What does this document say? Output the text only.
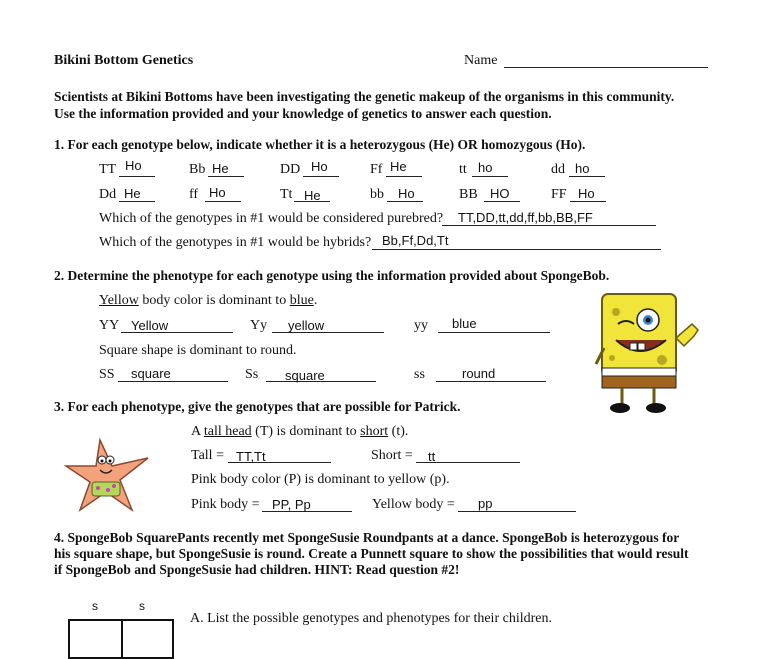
Bikini Bottom Genetics	Name
Scientists at Bikini Bottoms have been investigating the genetic makeup of the organisms in this community.
Use the information provided and your knowledge of genetics to answer each question.
1. For each genotype below, indicate whether it is a heterozygous (He) OR homozygous (Ho).
TT Ho	Bb He	DD Ho	Ff He	tt ho	dd ho
Dd He	ff Ho	Tt He	bb Ho	BB HO	FF Ho
Which of the genotypes in #1 would be considered purebred? TT,DD,tt,dd,ff,bb,BB,FF
Which of the genotypes in #1 would be hybrids? Bb,Ff,Dd,Tt
2. Determine the phenotype for each genotype using the information provided about SpongeBob.
Yellow body color is dominant to blue.
YY Yellow	Yy yellow	yy blue
Square shape is dominant to round.
SS square	Ss square	ss	round
3. For each phenotype, give the genotypes that are possible for Patrick.
A tall head (T) is dominant to short (t).
Tall = TT,Tt	Short = tt
Pink body color (P) is dominant to yellow (p).
Pink body = PP, Pp	Yellow body = pp
4. SpongeBob SquarePants recently met SpongeSusie Roundpants at a dance. SpongeBob is heterozygous for
his square shape, but SpongeSusie is round. Create a Punnett square to show the possibilities that would result
if SpongeBob and SpongeSusie had children. HINT: Read question #2!
s	s
A. List the possible genotypes and phenotypes for their children.
